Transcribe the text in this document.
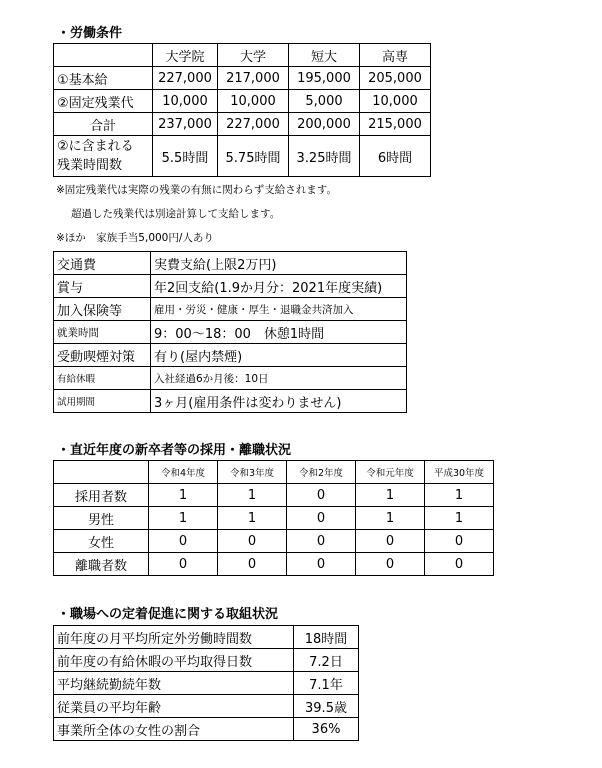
・労働条件
	大学院	大学	短大	高専
①基本給	227,000	217,000	195,000	205,000
②固定残業代	10,000	10,000	5,000	10,000
合計	237,000	227,000	200,000	215,000

②に含まれる
残業時間数	5.5時間	5.75時間	3.25時間	6時間
※固定残業代は実際の残業の有無に関わらず支給されます。
超過した残業代は別途計算して支給します。
※ほか　家族手当5,000円/人あり
交通費	実費支給(上限2万円)
賞与	年2回支給(1.9か月分：2021年度実績)
加入保険等	雇用・労災・健康・厚生・退職金共済加入
就業時間	9：00～18：00　休憩1時間
受動喫煙対策	有り(屋内禁煙)
有給休暇	入社経過6か月後：10日
試用期間	3ヶ月(雇用条件は変わりません)
・直近年度の新卒者等の採用・離職状況
	令和4年度	令和3年度	令和2年度	令和元年度	平成30年度
採用者数	1	1	0	1	1
男性	1	1	0	1	1
女性	0	0	0	0	0
離職者数	0	0	0	0	0
・職場への定着促進に関する取組状況
前年度の月平均所定外労働時間数	18時間
前年度の有給休暇の平均取得日数	7.2日
平均継続勤続年数	7.1年
従業員の平均年齢	39.5歳
事業所全体の女性の割合	36%
